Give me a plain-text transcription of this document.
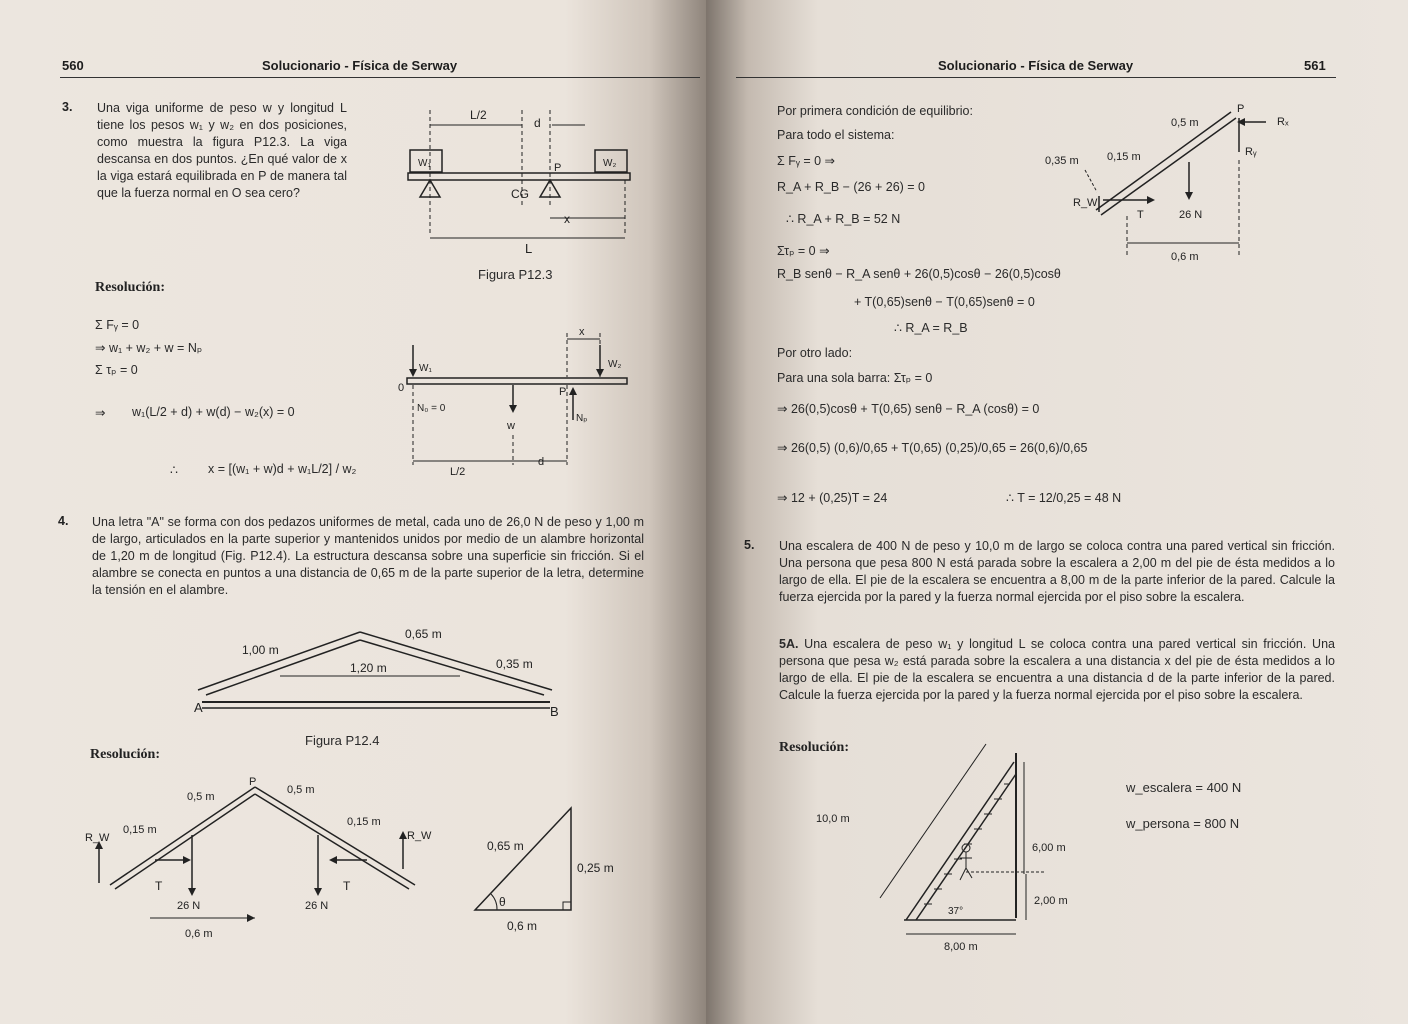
560	Solucionario - Física de Serway
3. Una viga uniforme de peso w y longitud L tiene los pesos w₁ y w₂ en dos posiciones, como muestra la figura P12.3. La viga descansa en dos puntos. ¿En qué valor de x la viga estará equilibrada en P de manera tal que la fuerza normal en O sea cero?
L/2
d
W₁	W₂
P
CG
x
L
Figura P12.3
Resolución:
Σ Fᵧ = 0
⇒ w₁ + w₂ + w = Nₚ
Σ τₚ = 0
⇒ w₁(L/2 + d) + w(d) − w₂(x) = 0
∴ x = [(w₁ + w)d + w₁L/2] / w₂
x
W₂
W₁
0	P
N₀ = 0
w
Nₚ
L/2
d
4. Una letra "A" se forma con dos pedazos uniformes de metal, cada uno de 26,0 N de peso y 1,00 m de largo, articulados en la parte superior y mantenidos unidos por medio de un alambre horizontal de 1,20 m de longitud (Fig. P12.4). La estructura descansa sobre una superficie sin fricción. Si el alambre se conecta en puntos a una distancia de 0,65 m de la parte superior de la letra, determine la tensión en el alambre.
1,00 m
0,65 m
1,20 m	0,35 m
A	B
Figura P12.4
Resolución:
P
0,5 m
0,5 m
0,15 m
0,15 m
R_W	R_W
T	T
26 N	26 N
0,6 m
0,65 m
0,25 m
θ
0,6 m
Solucionario - Física de Serway	561
Por primera condición de equilibrio:
Para todo el sistema:
Σ Fᵧ = 0 ⇒
R_A + R_B − (26 + 26) = 0
∴ R_A + R_B = 52 N
Στₚ = 0 ⇒
R_B senθ − R_A senθ + 26(0,5)cosθ − 26(0,5)cosθ
+ T(0,65)senθ − T(0,65)senθ = 0
∴ R_A = R_B
Por otro lado:
Para una sola barra: Στₚ = 0
⇒ 26(0,5)cosθ + T(0,65) senθ − R_A (cosθ) = 0
⇒ 26(0,5) (0,6)/0,65 + T(0,65) (0,25)/0,65 = 26(0,6)/0,65
⇒ 12 + (0,25)T = 24	∴ T = 12/0,25 = 48 N
P
Rₓ
Rᵧ
0,5 m
0,35 m	0,15 m
R_W
T	26 N
0,6 m
5. Una escalera de 400 N de peso y 10,0 m de largo se coloca contra una pared vertical sin fricción. Una persona que pesa 800 N está parada sobre la escalera a 2,00 m del pie de ésta medidos a lo largo de ella. El pie de la escalera se encuentra a 8,00 m de la parte inferior de la pared. Calcule la fuerza ejercida por la pared y la fuerza normal ejercida por el piso sobre la escalera.
5A. Una escalera de peso w₁ y longitud L se coloca contra una pared vertical sin fricción. Una persona que pesa w₂ está parada sobre la escalera a una distancia x del pie de ésta medidos a lo largo de ella. El pie de la escalera se encuentra a una distancia d de la parte inferior de la pared. Calcule la fuerza ejercida por la pared y la fuerza normal ejercida por el piso sobre la escalera.
Resolución:
10,0 m
6,00 m
2,00 m
37°
8,00 m
w_escalera = 400 N
w_persona = 800 N
